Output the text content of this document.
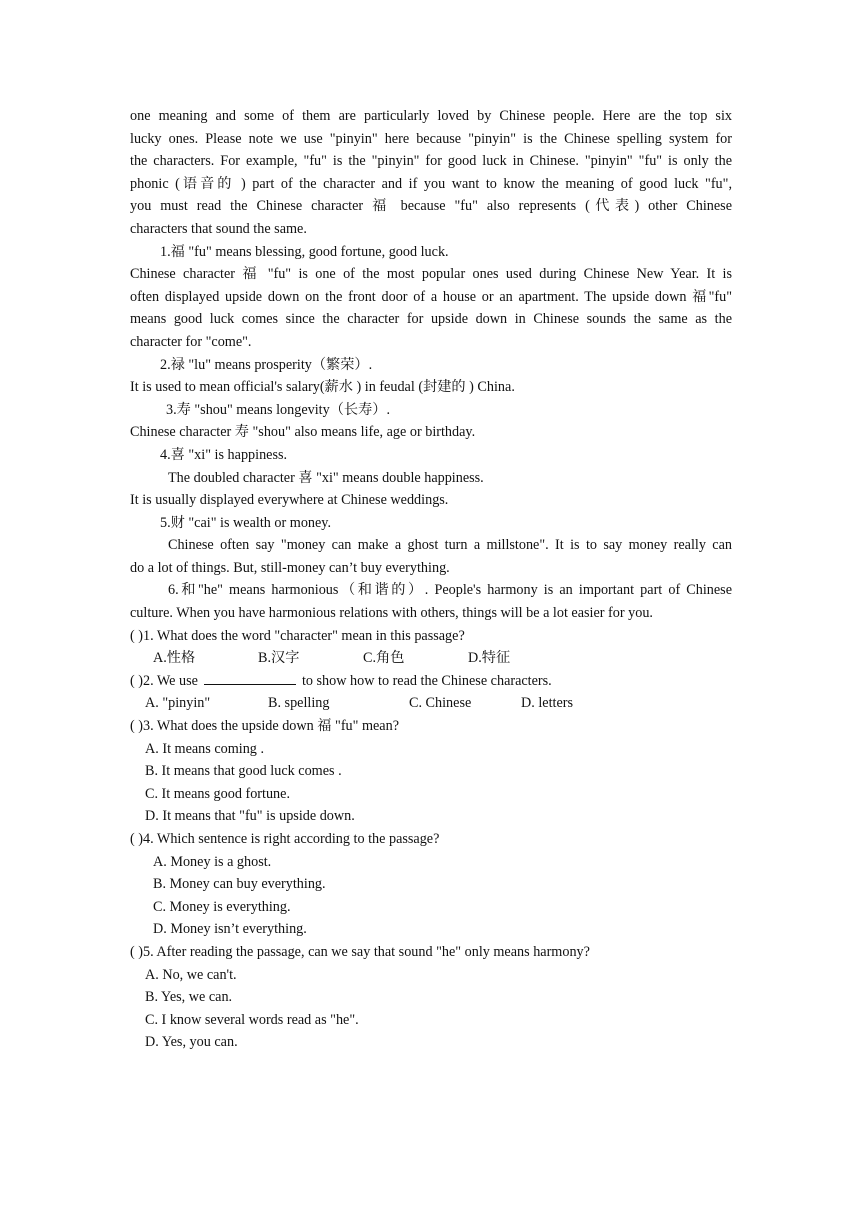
one meaning and some of them are particularly loved by Chinese people. Here are the top six
lucky ones. Please note we use "pinyin" here because "pinyin" is the Chinese spelling system for
the characters. For example, "fu" is the "pinyin" for good luck in Chinese. "pinyin" "fu" is only the
phonic (语音的 ) part of the character and if you want to know the meaning of good luck "fu",
you must read the Chinese character 福 because "fu" also represents (代表) other Chinese
characters that sound the same.
1.福 "fu" means blessing, good fortune, good luck.
Chinese character 福 "fu" is one of the most popular ones used during Chinese New Year. It is
often displayed upside down on the front door of a house or an apartment. The upside down 福"fu"
means good luck comes since the character for upside down in Chinese sounds the same as the
character for "come".
2.禄 "lu" means prosperity（繁荣）.
It is used to mean official's salary(薪水 ) in feudal (封建的 ) China.
3.寿 "shou" means longevity（长寿）.
Chinese character 寿 "shou" also means life, age or birthday.
4.喜 "xi" is happiness.
The doubled character 喜 "xi" means double happiness.
It is usually displayed everywhere at Chinese weddings.
5.财 "cai" is wealth or money.
Chinese often say "money can make a ghost turn a millstone". It is to say money really can
do a lot of things. But, still-money can’t buy everything.
6.和"he" means harmonious（和谐的）. People's harmony is an important part of Chinese
culture. When you have harmonious relations with others, things will be a lot easier for you.
( )1. What does the word "character" mean in this passage?
A.性格	B.汉字	C.角色	D.特征
( )2. We use	to show how to read the Chinese characters.
A. "pinyin"	B. spelling	C. Chinese	D. letters
( )3. What does the upside down 福 "fu" mean?
A. It means coming .
B. It means that good luck comes .
C. It means good fortune.
D. It means that "fu" is upside down.
( )4. Which sentence is right according to the passage?
A. Money is a ghost.
B. Money can buy everything.
C. Money is everything.
D. Money isn’t everything.
( )5. After reading the passage, can we say that sound "he" only means harmony?
A. No, we can't.
B. Yes, we can.
C. I know several words read as "he".
D. Yes, you can.
